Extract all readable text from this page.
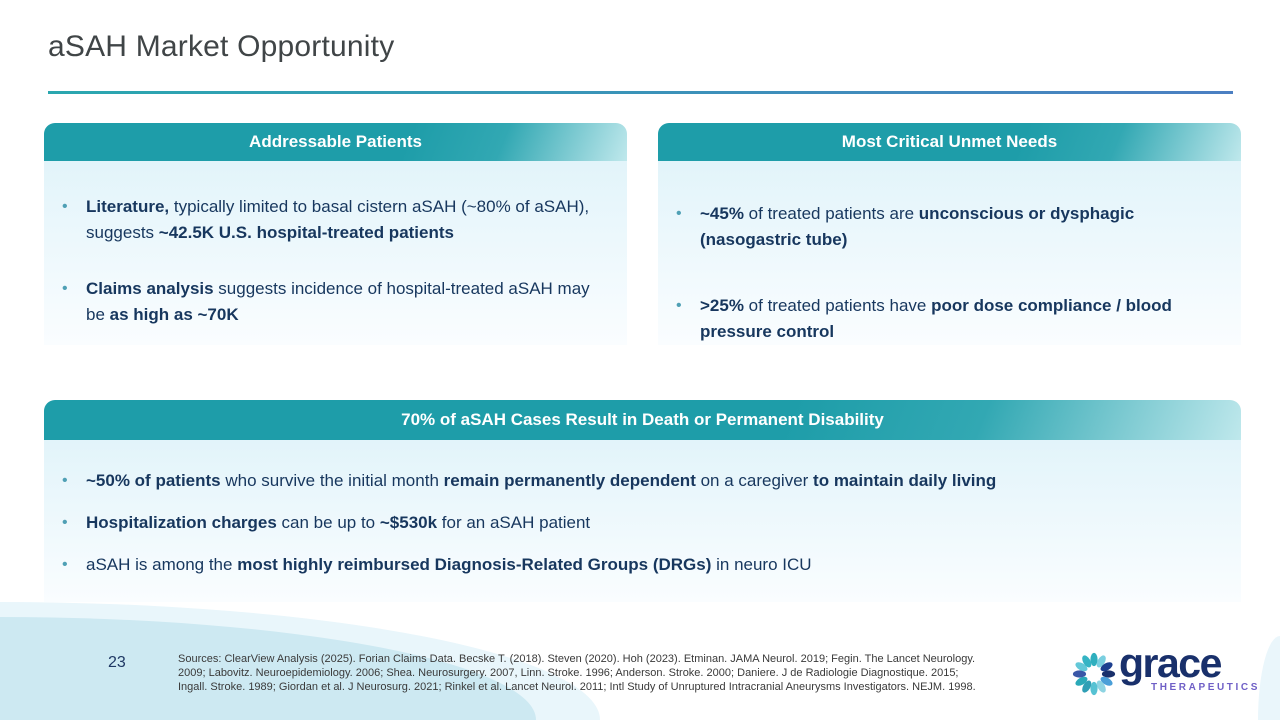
aSAH Market Opportunity
Addressable Patients
•	Literature, typically limited to basal cistern aSAH (~80% of aSAH), suggests ~42.5K U.S. hospital-treated patients
•	Claims analysis suggests incidence of hospital-treated aSAH may be as high as ~70K
Most Critical Unmet Needs
•	~45% of treated patients are unconscious or dysphagic (nasogastric tube)
•	>25% of treated patients have poor dose compliance / blood pressure control
70% of aSAH Cases Result in Death or Permanent Disability
•	~50% of patients who survive the initial month remain permanently dependent on a caregiver to maintain daily living
•	Hospitalization charges can be up to ~$530k for an aSAH patient
•	aSAH is among the most highly reimbursed Diagnosis-Related Groups (DRGs) in neuro ICU
23	Sources: ClearView Analysis (2025). Forian Claims Data. Becske T. (2018). Steven (2020). Hoh (2023). Etminan. JAMA Neurol. 2019; Fegin. The Lancet Neurology.
2009; Labovitz. Neuroepidemiology. 2006; Shea. Neurosurgery. 2007, Linn. Stroke. 1996; Anderson. Stroke. 2000; Daniere. J de Radiologie Diagnostique. 2015;
Ingall. Stroke. 1989; Giordan et al. J Neurosurg. 2021; Rinkel et al. Lancet Neurol. 2011; Intl Study of Unruptured Intracranial Aneurysms Investigators. NEJM. 1998.
grace
THERAPEUTICS
